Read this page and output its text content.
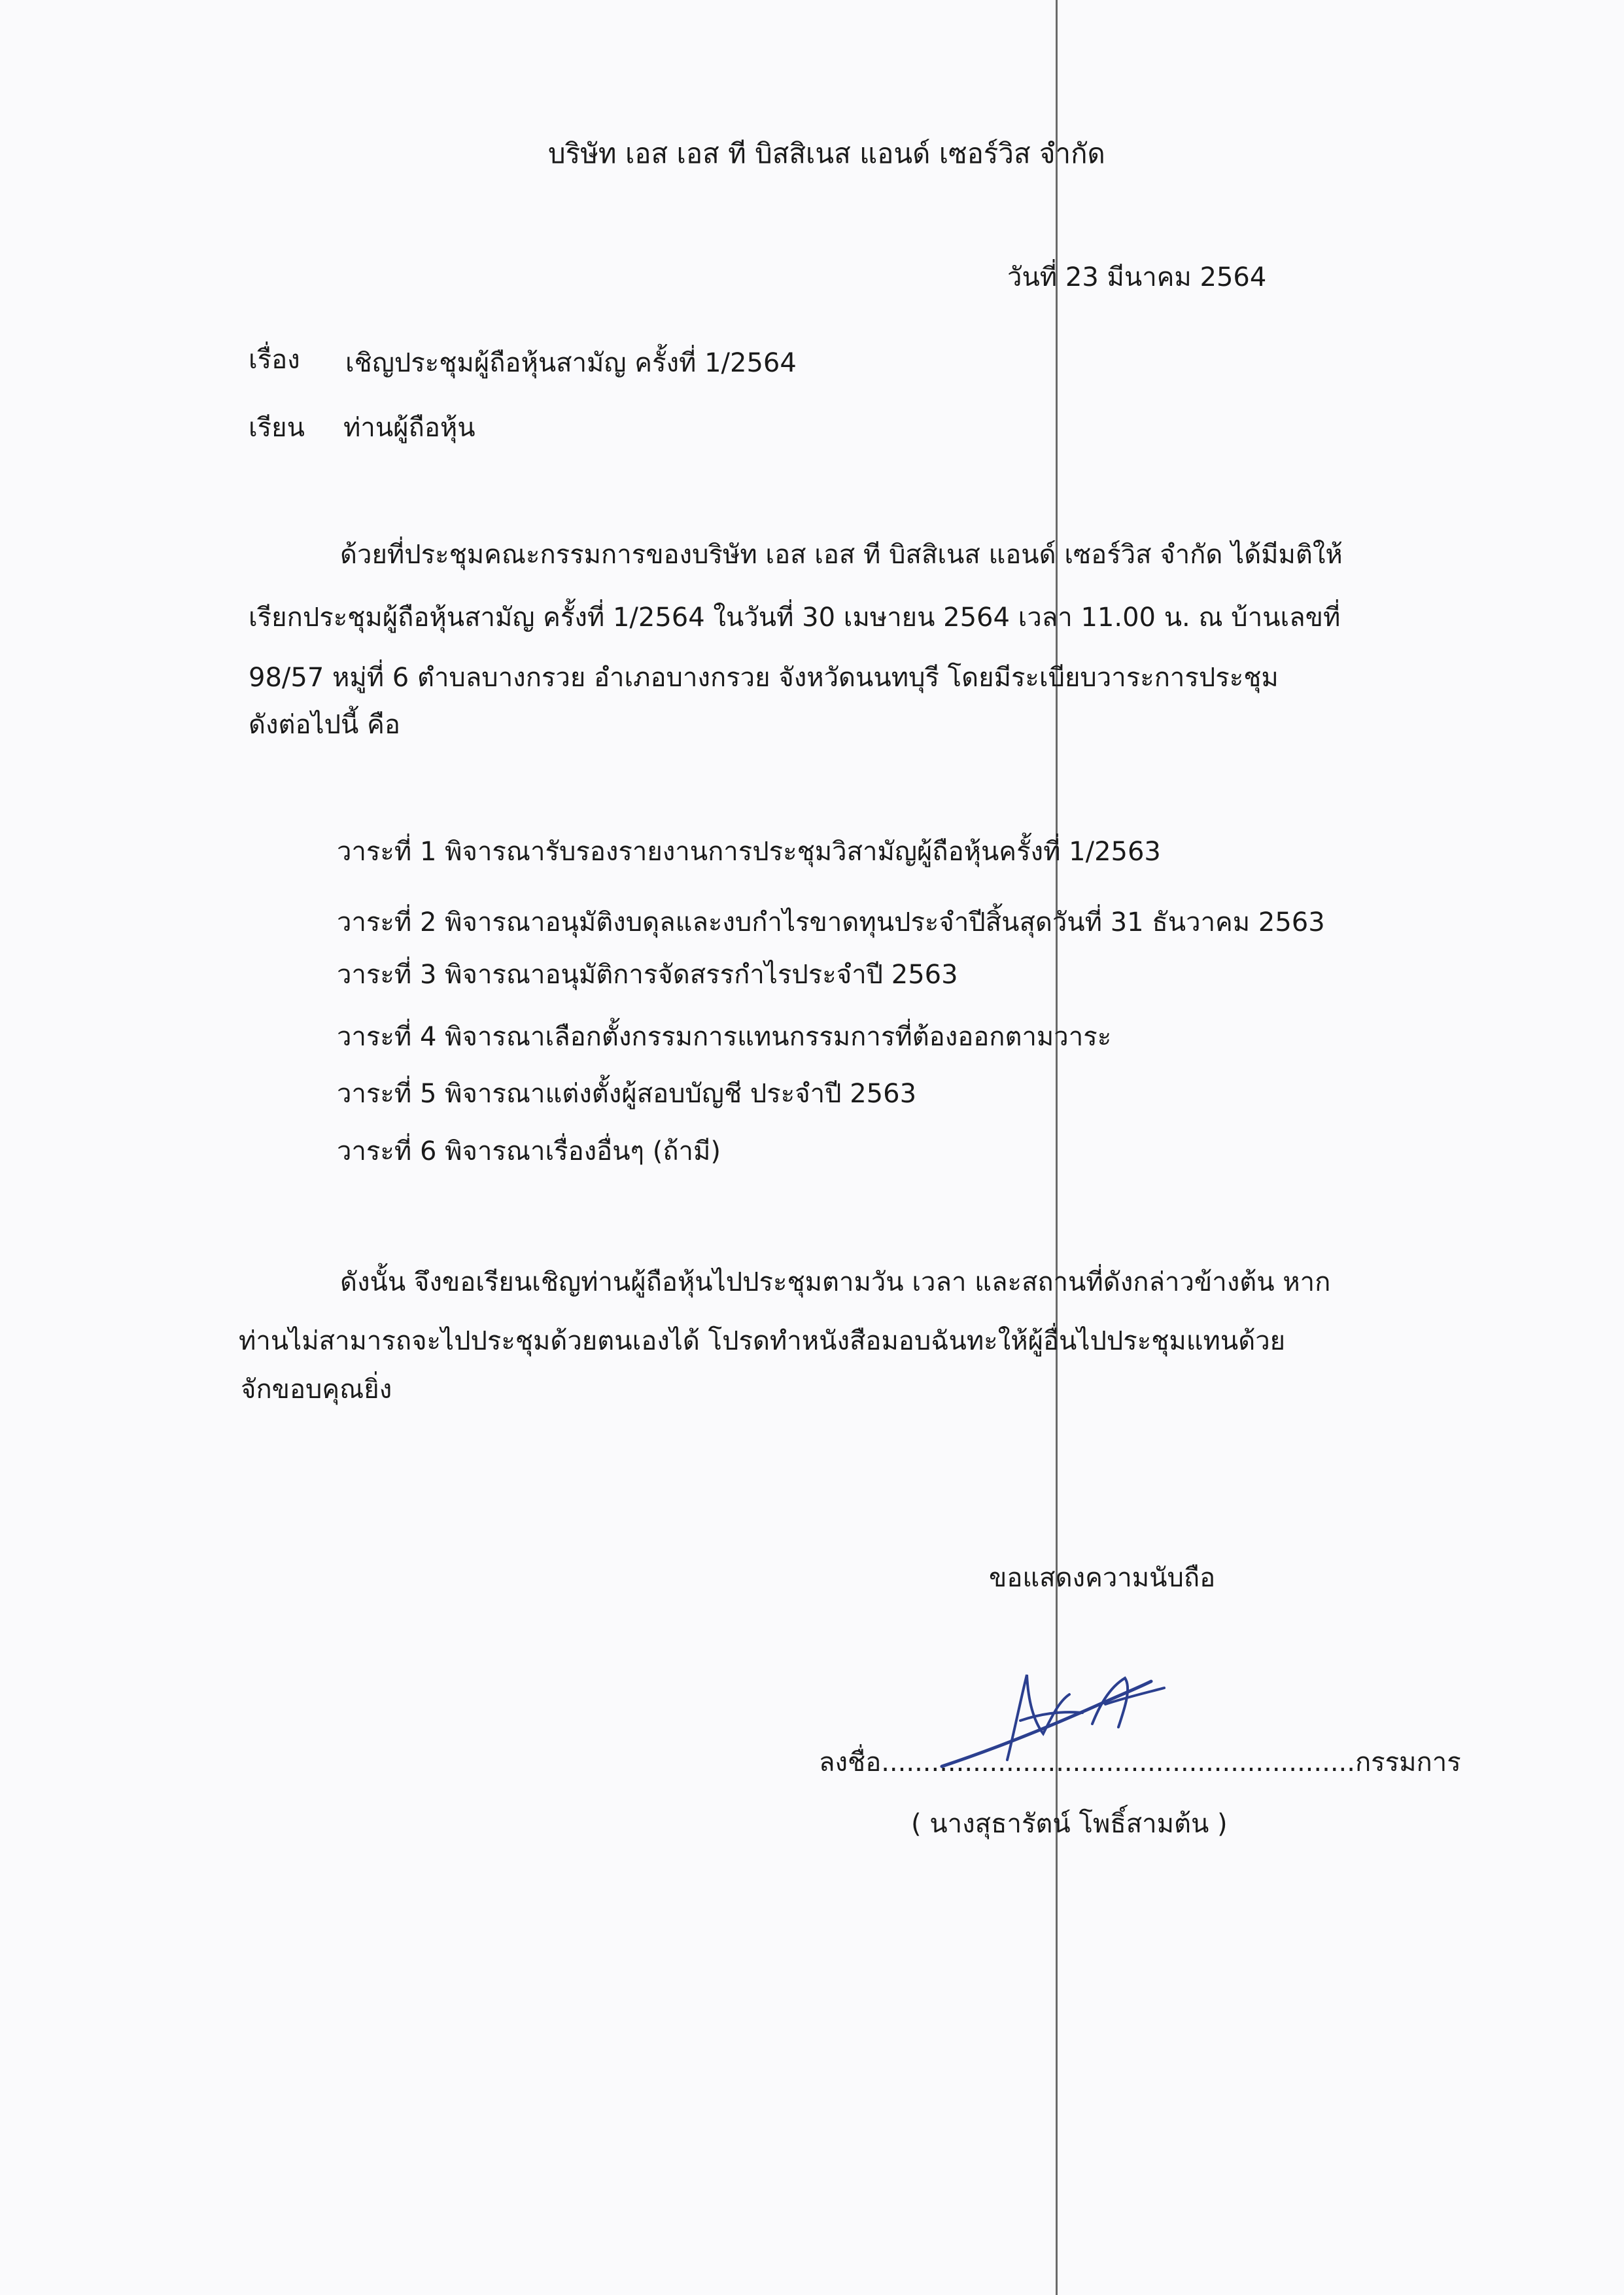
บริษัท เอส เอส ที บิสสิเนส แอนด์ เซอร์วิส จำกัด
วันที่ 23 มีนาคม 2564
เรื่อง เชิญประชุมผู้ถือหุ้นสามัญ ครั้งที่ 1/2564
เรียน ท่านผู้ถือหุ้น
ด้วยที่ประชุมคณะกรรมการของบริษัท เอส เอส ที บิสสิเนส แอนด์ เซอร์วิส จำกัด ได้มีมติให้
เรียกประชุมผู้ถือหุ้นสามัญ ครั้งที่ 1/2564 ในวันที่ 30 เมษายน 2564 เวลา 11.00 น. ณ บ้านเลขที่
98/57 หมู่ที่ 6 ตำบลบางกรวย อำเภอบางกรวย จังหวัดนนทบุรี โดยมีระเบียบวาระการประชุม
ดังต่อไปนี้ คือ
วาระที่ 1 พิจารณารับรองรายงานการประชุมวิสามัญผู้ถือหุ้นครั้งที่ 1/2563
วาระที่ 2 พิจารณาอนุมัติงบดุลและงบกำไรขาดทุนประจำปีสิ้นสุดวันที่ 31 ธันวาคม 2563
วาระที่ 3 พิจารณาอนุมัติการจัดสรรกำไรประจำปี 2563
วาระที่ 4 พิจารณาเลือกตั้งกรรมการแทนกรรมการที่ต้องออกตามวาระ
วาระที่ 5 พิจารณาแต่งตั้งผู้สอบบัญชี ประจำปี 2563
วาระที่ 6 พิจารณาเรื่องอื่นๆ (ถ้ามี)
ดังนั้น จึงขอเรียนเชิญท่านผู้ถือหุ้นไปประชุมตามวัน เวลา และสถานที่ดังกล่าวข้างต้น หาก
ท่านไม่สามารถจะไปประชุมด้วยตนเองได้ โปรดทำหนังสือมอบฉันทะให้ผู้อื่นไปประชุมแทนด้วย
จักขอบคุณยิ่ง
ขอแสดงความนับถือ
ลงชื่อ.........................................................กรรมการ
( นางสุธารัตน์ โพธิ์สามต้น )
